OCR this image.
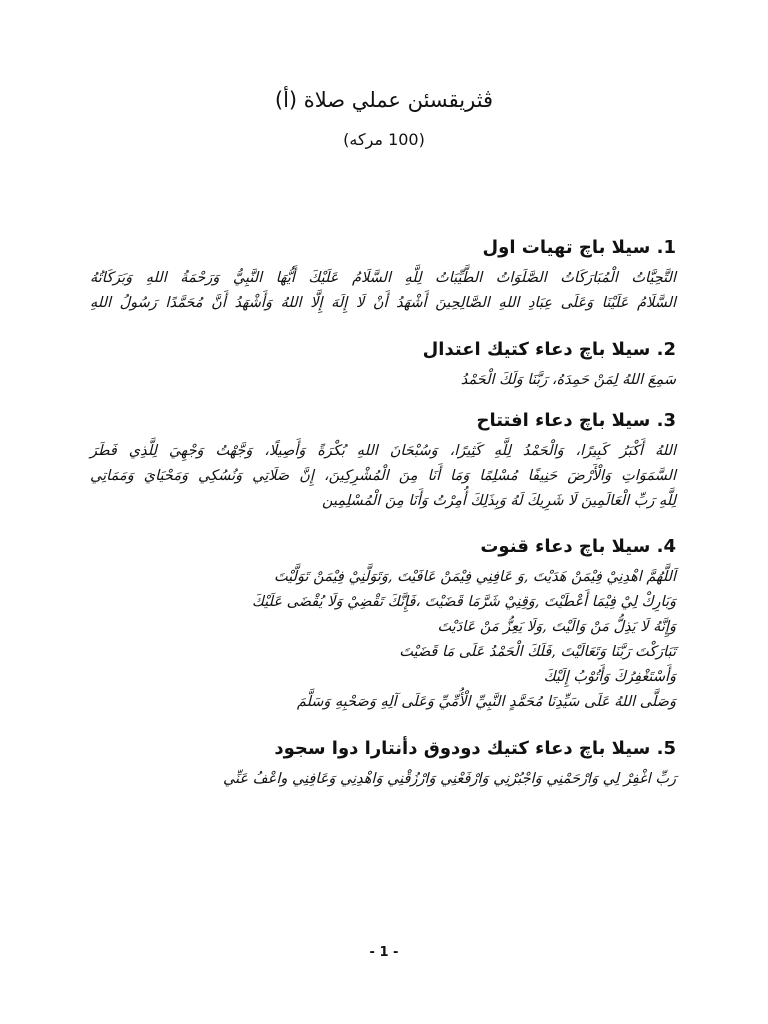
ڤثريقسئن عملي صلاة (أ)

(100 مركه)

1. سيلا باچ تهيات اول

التَّحِيَّاتُ الْمُبَارَكَاتُ الصَّلَوَاتُ الطَّيِّبَاتُ لِلَّهِ السَّلَامُ عَلَيْكَ أَيُّهَا النَّبِيُّ وَرَحْمَةُ اللهِ وَبَرَكَاتُهُ

السَّلَامُ عَلَيْنَا وَعَلَى عِبَادِ اللهِ الصَّالِحِينَ أَشْهَدُ أَنْ لَا إِلَهَ إِلَّا اللهُ وَأَشْهَدُ أَنَّ مُحَمَّدًا رَسُولُ اللهِ

2. سيلا باچ دعاء كتيك اعتدال

سَمِعَ اللهُ لِمَنْ حَمِدَهُ، رَبَّنَا وَلَكَ الْحَمْدُ

3. سيلا باچ دعاء افتتاح

اللهُ أَكْبَرُ كَبِيرًا، وَالْحَمْدُ لِلَّهِ كَثِيرًا، وَسُبْحَانَ اللهِ بُكْرَةً وَأَصِيلًا، وَجَّهْتُ وَجْهِيَ لِلَّذِي فَطَرَ

السَّمَوَاتِ وَالْأَرْضَ حَنِيفًا مُسْلِمًا وَمَا أَنَا مِنَ الْمُشْرِكِينَ، إِنَّ صَلَاتِي وَنُسُكِي وَمَحْيَايَ وَمَمَاتِي

لِلَّهِ رَبِّ الْعَالَمِينَ لَا شَرِيكَ لَهُ وَبِذَلِكَ أُمِرْتُ وَأَنَا مِنَ الْمُسْلِمِين

4. سيلا باچ دعاء قنوت

اَللَّهُمَّ اهْدِنِيْ فِيْمَنْ هَدَيْتَ ,وَ عَافِنِي فِيْمَنْ عَافَيْتَ ,وَتَوَلَّنِيْ فِيْمَنْ تَوَلَّيْتَ

وَبَارِكْ لِيْ فِيْمَا أَعْطَيْتَ ,وَقِنِيْ شَرَّمَا قَضَيْتَ ،فَإِنَّكَ تَقْضِيْ وَلَا يُقْضَى عَلَيْكَ

وَإِنَّهُ لَا يَذِلُّ مَنْ وَالَيْتَ ,وَلَا يَعِزُّ مَنْ عَادَيْتَ

تَبَارَكْتَ رَبَّنَا وَتَعَالَيْتَ ,فَلَكَ الْحَمْدُ عَلَى مَا قَضَيْتَ

وَأَسْتَغْفِرُكَ وَأَتُوْبُ إِلَيْكَ

وَصَلَّى اللهُ عَلَى سَيِّدِنَا مُحَمَّدٍ النَّبِيِّ الْأُمِّيِّ وَعَلَى آلِهِ وَصَحْبِهِ وَسَلَّمَ

5. سيلا باچ دعاء كتيك دودوق دأنتارا دوا سجود

رَبِّ اغْفِرْ لِي وَارْحَمْنِي وَاجْبُرْنِي وَارْفَعْنِي وَارْزُقْنِي وَاهْدِنِي وَعَافِنِي واعْفُ عَنِّي

- 1 -
